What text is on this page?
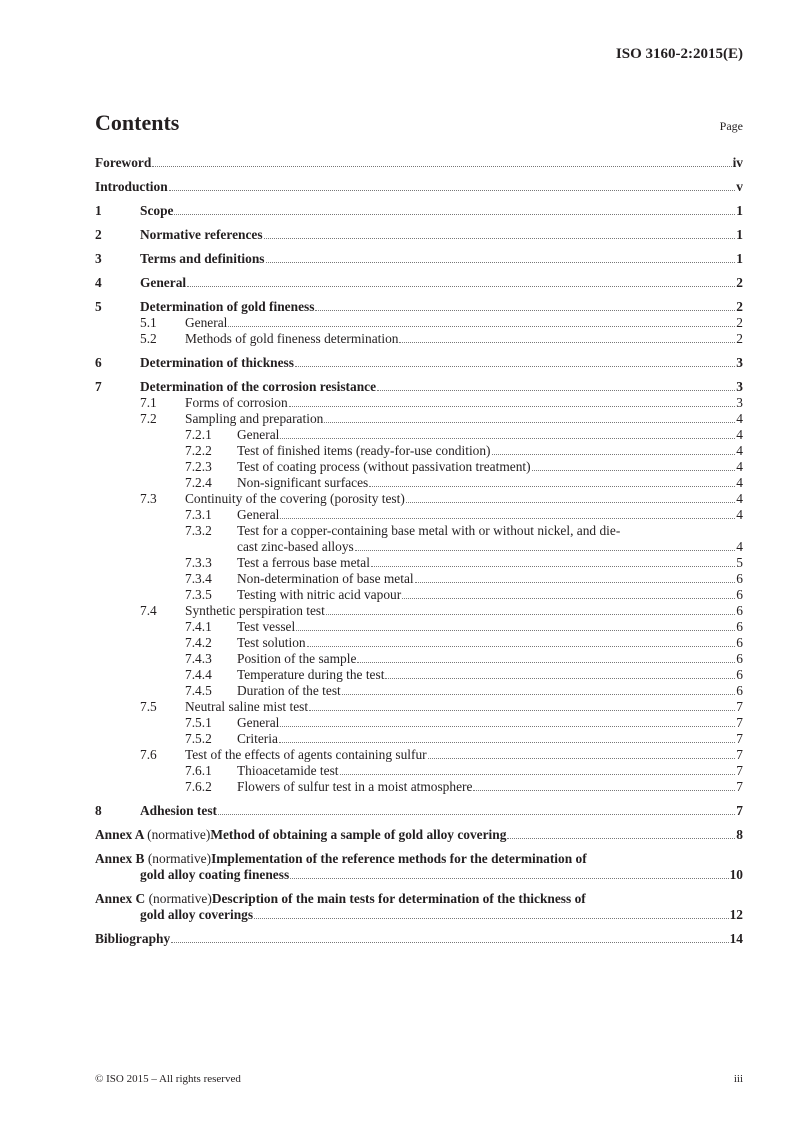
ISO 3160-2:2015(E)
Contents	Page
Foreword	iv
Introduction	v
1	Scope	1
2	Normative references	1
3	Terms and definitions	1
4	General	2
5	Determination of gold fineness	2
5.1	General	2
5.2	Methods of gold fineness determination	2
6	Determination of thickness	3
7	Determination of the corrosion resistance	3
7.1	Forms of corrosion	3
7.2	Sampling and preparation	4
7.2.1	General	4
7.2.2	Test of finished items (ready-for-use condition)	4
7.2.3	Test of coating process (without passivation treatment)	4
7.2.4	Non-significant surfaces	4
7.3	Continuity of the covering (porosity test)	4
7.3.1	General	4
7.3.2	Test for a copper-containing base metal with or without nickel, and die-
cast zinc-based alloys	4
7.3.3	Test a ferrous base metal	5
7.3.4	Non-determination of base metal	6
7.3.5	Testing with nitric acid vapour	6
7.4	Synthetic perspiration test	6
7.4.1	Test vessel	6
7.4.2	Test solution	6
7.4.3	Position of the sample	6
7.4.4	Temperature during the test	6
7.4.5	Duration of the test	6
7.5	Neutral saline mist test	7
7.5.1	General	7
7.5.2	Criteria	7
7.6	Test of the effects of agents containing sulfur	7
7.6.1	Thioacetamide test	7
7.6.2	Flowers of sulfur test in a moist atmosphere	7
8	Adhesion test	7
Annex A (normative) Method of obtaining a sample of gold alloy covering	8
Annex B (normative) Implementation of the reference methods for the determination of
gold alloy coating fineness	10
Annex C (normative) Description of the main tests for determination of the thickness of
gold alloy coverings	12
Bibliography	14
© ISO 2015 – All rights reserved	iii
